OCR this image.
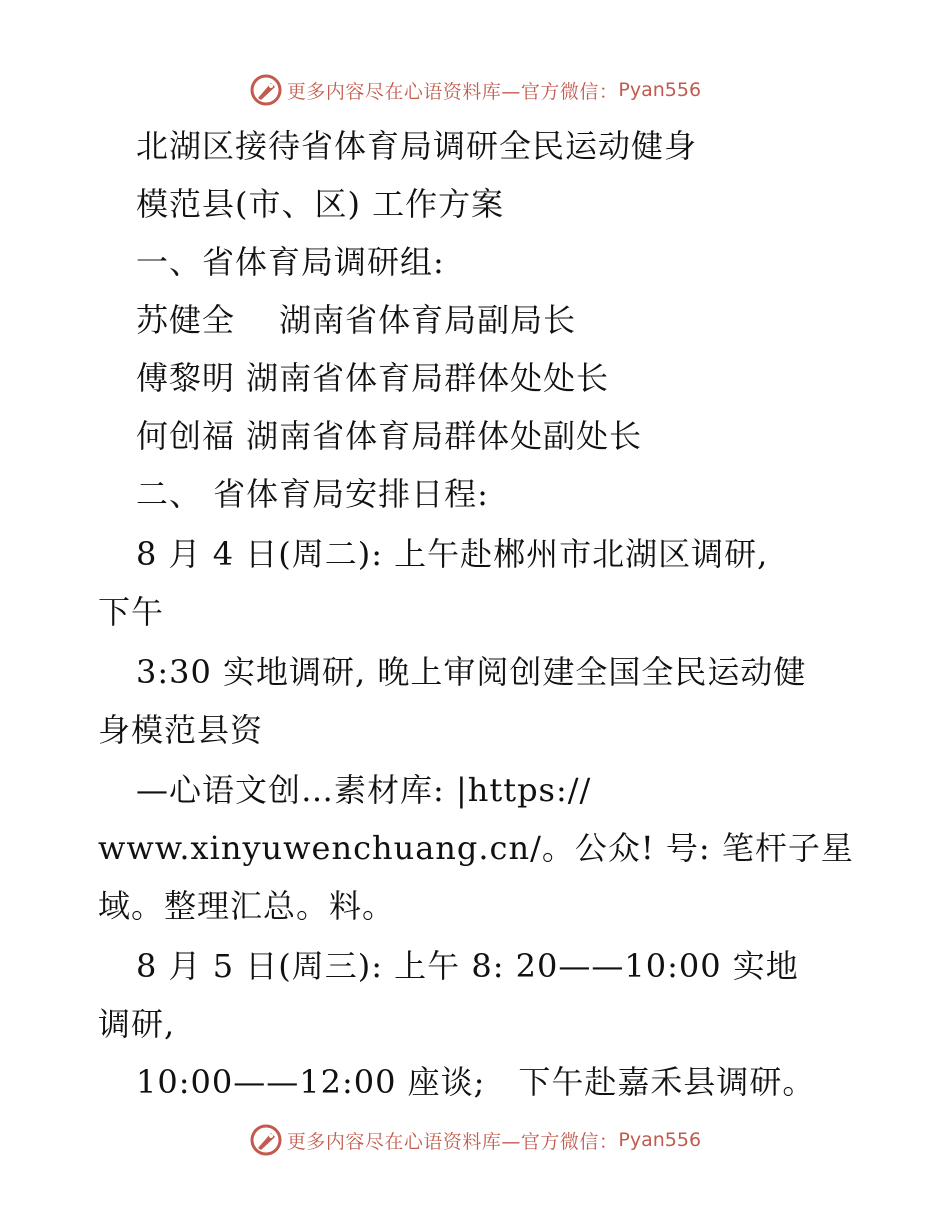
更多内容尽在心语资料库—官方微信： Pyan556
北湖区接待省体育局调研全民运动健身
模范县(市、区) 工作方案
一、省体育局调研组:
苏健全　 湖南省体育局副局长
傅黎明 湖南省体育局群体处处长
何创福 湖南省体育局群体处副处长
二、 省体育局安排日程:
8 月 4 日(周二): 上午赴郴州市北湖区调研,
下午
3:30 实地调研, 晚上审阅创建全国全民运动健
身模范县资
—心语文创…素材库: |https://
www.xinyuwenchuang.cn/。公众! 号: 笔杆子星
域。整理汇总。料。
8 月 5 日(周三): 上午 8: 20——10:00 实地
调研,
10:00——12:00 座谈;　下午赴嘉禾县调研。
更多内容尽在心语资料库—官方微信： Pyan556
